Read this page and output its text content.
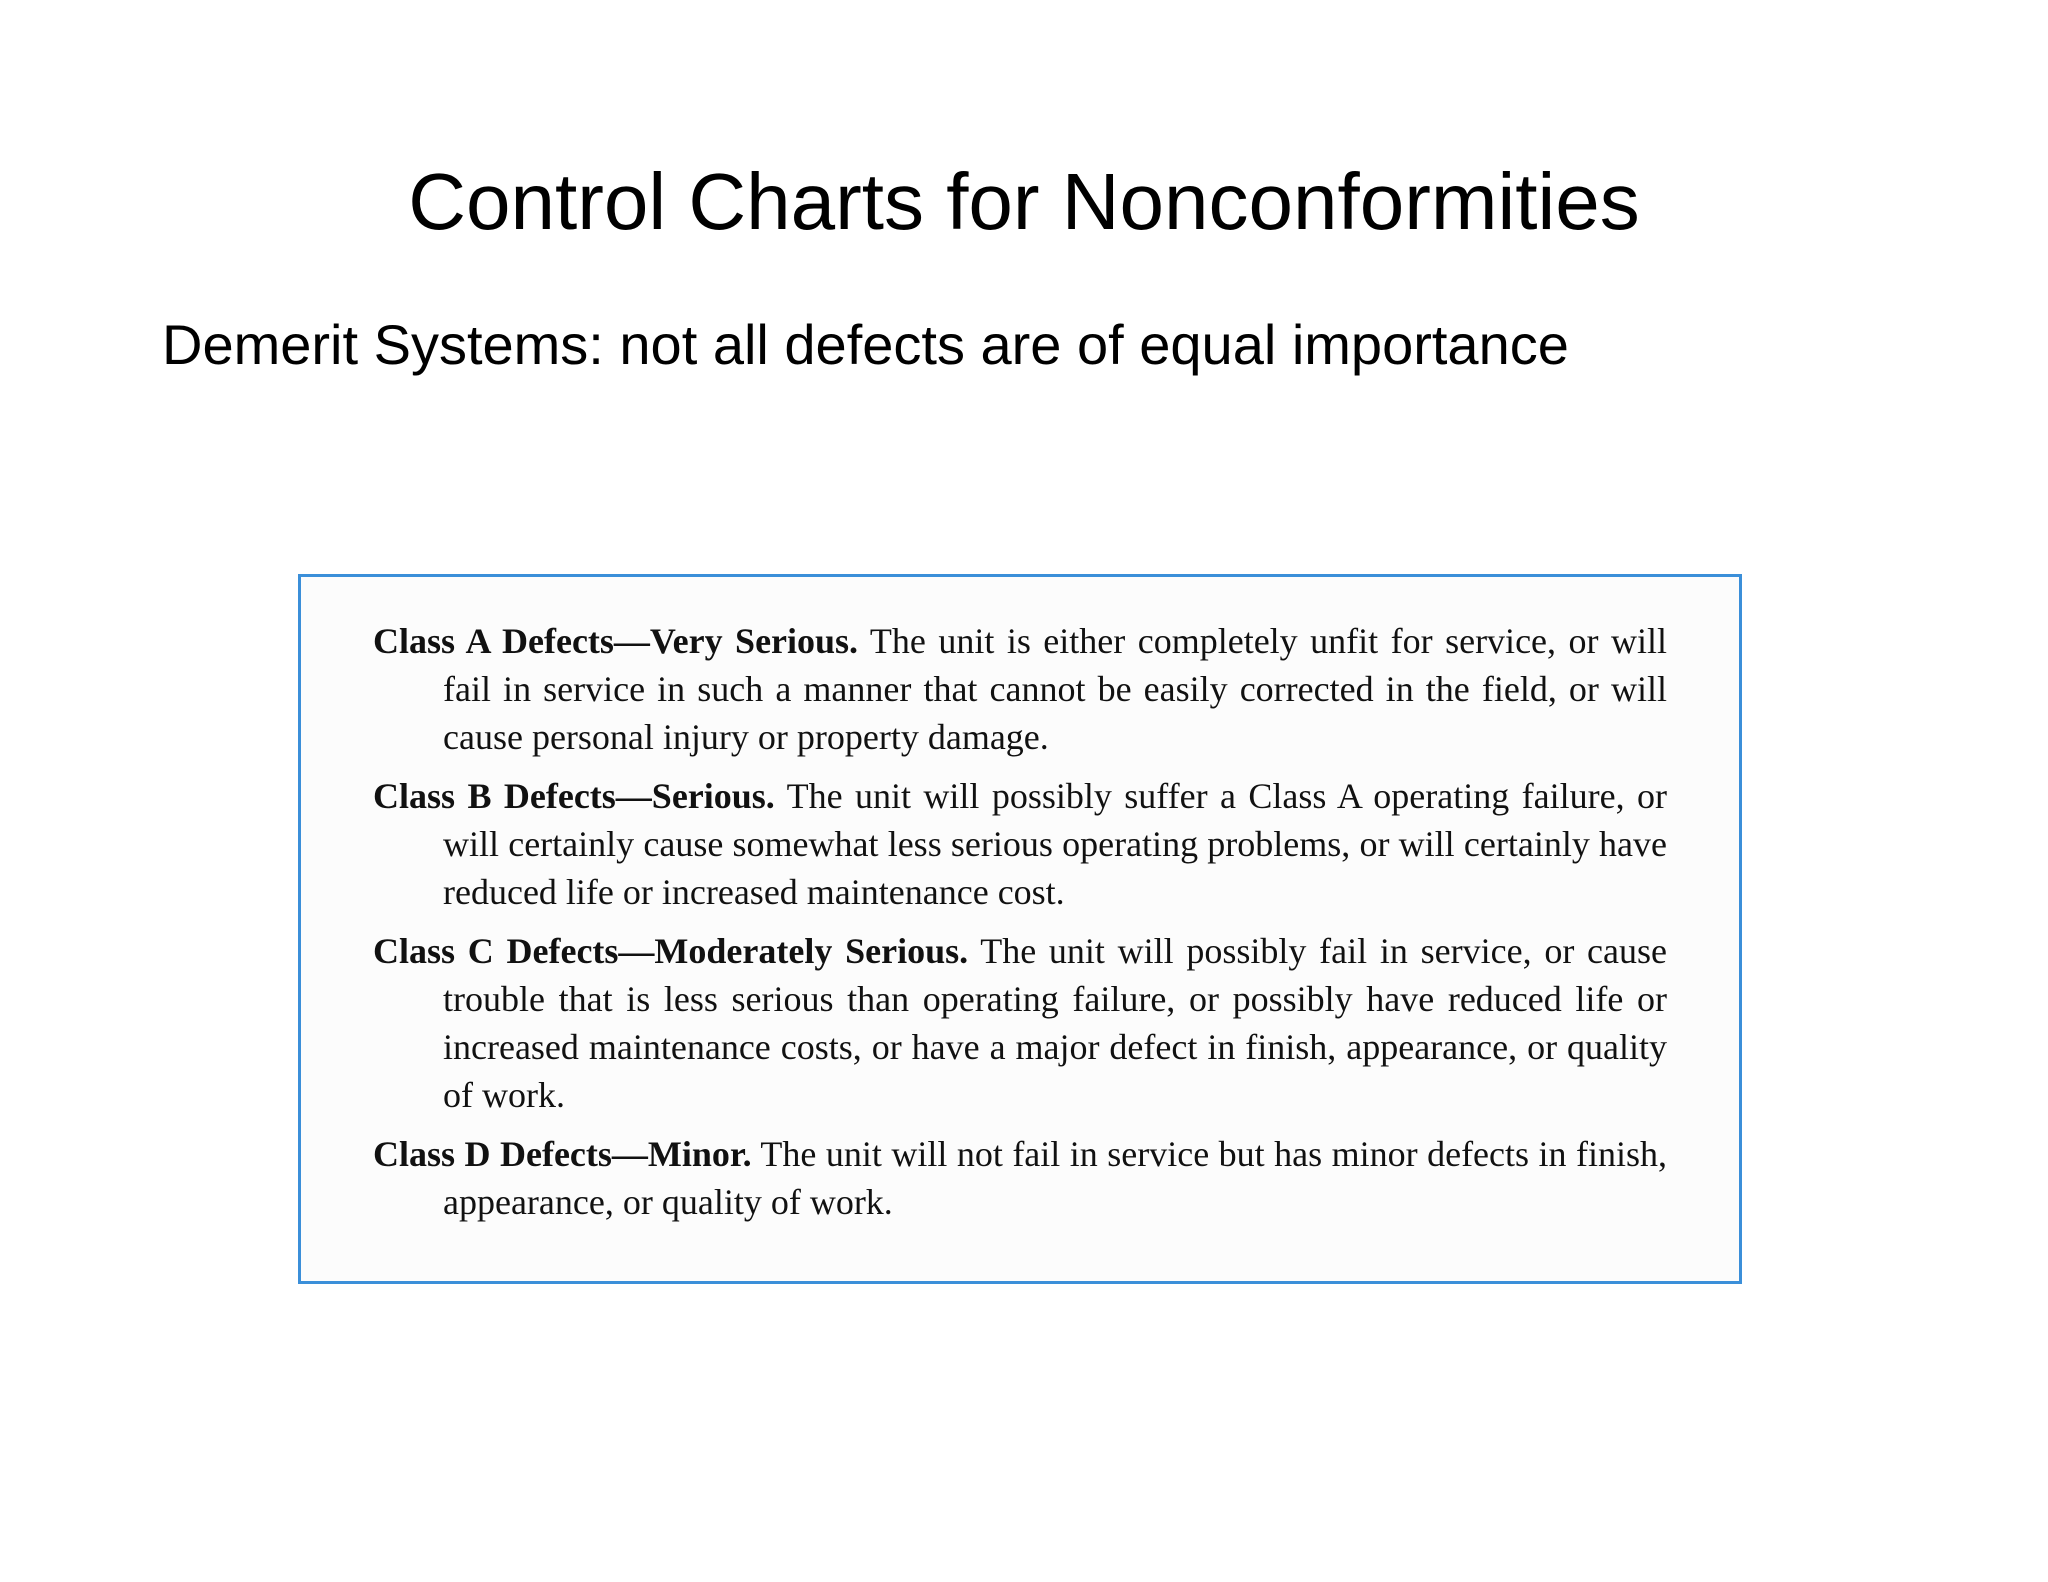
Control Charts for Nonconformities

Demerit Systems: not all defects are of equal importance

Class A Defects—Very Serious. The unit is either completely unfit for service, or will fail in service in such a manner that cannot be easily corrected in the field, or will cause personal injury or property damage.

Class B Defects—Serious. The unit will possibly suffer a Class A operating failure, or will certainly cause somewhat less serious operating problems, or will certainly have reduced life or increased maintenance cost.

Class C Defects—Moderately Serious. The unit will possibly fail in service, or cause trouble that is less serious than operating failure, or possibly have reduced life or increased maintenance costs, or have a major defect in finish, appearance, or quality of work.

Class D Defects—Minor. The unit will not fail in service but has minor defects in finish, appearance, or quality of work.
